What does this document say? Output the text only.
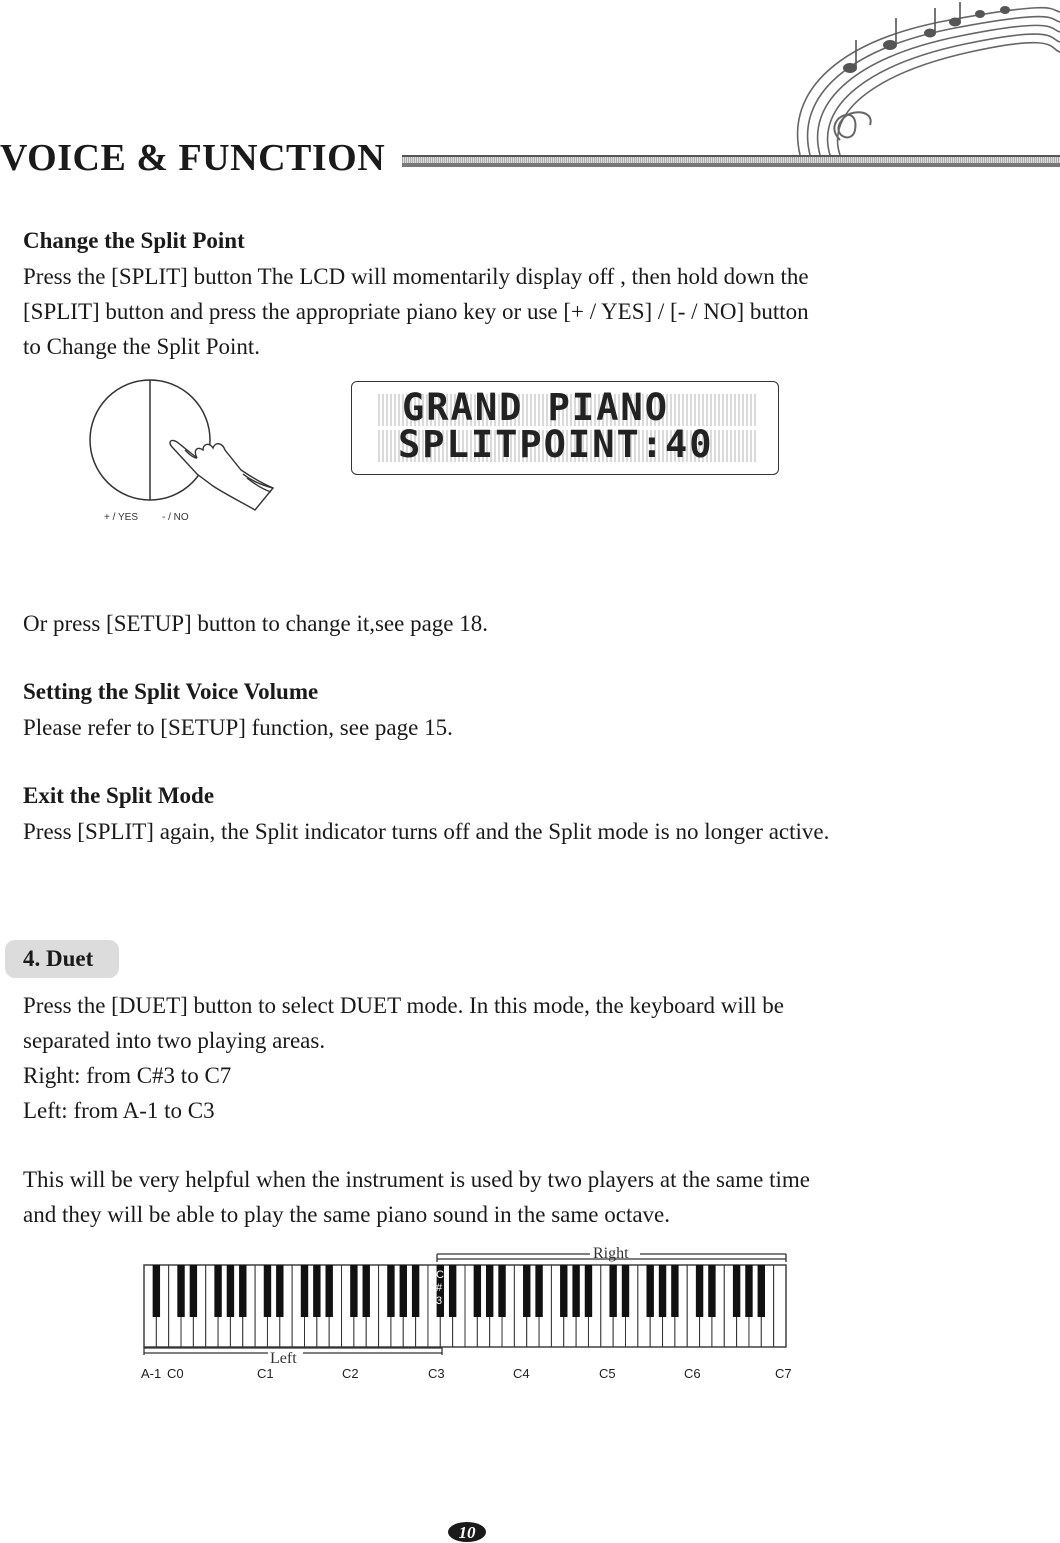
VOICE & FUNCTION
Change the Split Point
Press the [SPLIT] button The LCD will momentarily display off , then hold down the
[SPLIT] button and press the appropriate piano key or use [+ / YES] / [- / NO] button
to Change the Split Point.
+ / YES - / NO
GRAND PIANO
SPLITPOINT:40
Or press [SETUP] button to change it,see page 18.
Setting the Split Voice Volume
Please refer to [SETUP] function, see page 15.
Exit the Split Mode
Press [SPLIT] again, the Split indicator turns off and the Split mode is no longer active.
4. Duet
Press the [DUET] button to select DUET mode. In this mode, the keyboard will be
separated into two playing areas.
Right: from C#3 to C7
Left: from A-1 to C3
This will be very helpful when the instrument is used by two players at the same time
and they will be able to play the same piano sound in the same octave.
Right
Left
C
#
3
A-1 C0	C1	C2	C3	C4	C5	C6	C7
10
